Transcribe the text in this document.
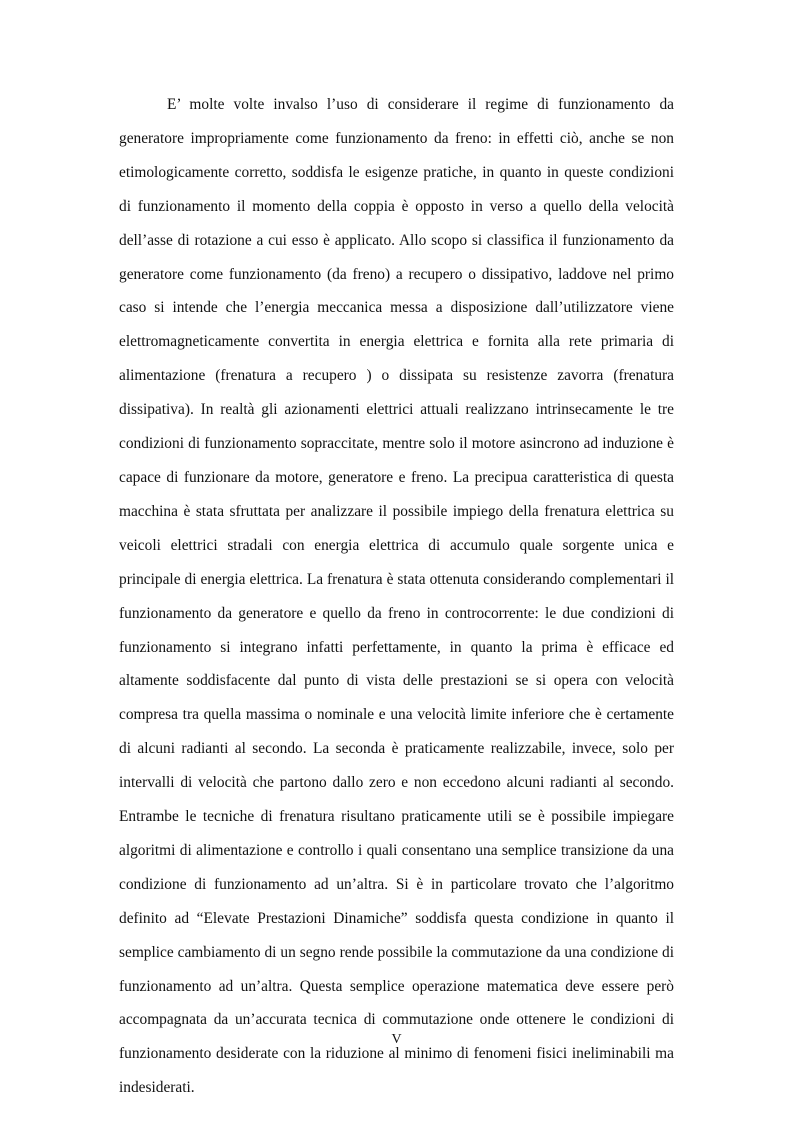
E’ molte volte invalso l’uso di considerare il regime di funzionamento da generatore impropriamente come funzionamento da freno: in effetti ciò, anche se non etimologicamente corretto, soddisfa le esigenze pratiche, in quanto in queste condizioni di funzionamento il momento della coppia è opposto in verso a quello della velocità dell’asse di rotazione a cui esso è applicato. Allo scopo si classifica il funzionamento da generatore come funzionamento (da freno) a recupero o dissipativo, laddove nel primo caso si intende che l’energia meccanica messa a disposizione dall’utilizzatore viene elettromagneticamente convertita in energia elettrica e fornita alla rete primaria di alimentazione (frenatura a recupero ) o dissipata su resistenze zavorra (frenatura dissipativa). In realtà gli azionamenti elettrici attuali realizzano intrinsecamente le tre condizioni di funzionamento sopraccitate, mentre solo il motore asincrono ad induzione è capace di funzionare da motore, generatore e freno. La precipua caratteristica di questa macchina è stata sfruttata per analizzare il possibile impiego della frenatura elettrica su veicoli elettrici stradali con energia elettrica di accumulo quale sorgente unica e principale di energia elettrica. La frenatura è stata ottenuta considerando complementari il funzionamento da generatore e quello da freno in controcorrente: le due condizioni di funzionamento si integrano infatti perfettamente, in quanto la prima è efficace ed altamente soddisfacente dal punto di vista delle prestazioni se si opera con velocità compresa tra quella massima o nominale e una velocità limite inferiore che è certamente di alcuni radianti al secondo. La seconda è praticamente realizzabile, invece, solo per intervalli di velocità che partono dallo zero e non eccedono alcuni radianti al secondo. Entrambe le tecniche di frenatura risultano praticamente utili se è possibile impiegare algoritmi di alimentazione e controllo i quali consentano una semplice transizione da una condizione di funzionamento ad un’altra. Si è in particolare trovato che l’algoritmo definito ad “Elevate Prestazioni Dinamiche” soddisfa questa condizione in quanto il semplice cambiamento di un segno rende possibile la commutazione da una condizione di funzionamento ad un’altra. Questa semplice operazione matematica deve essere però accompagnata da un’accurata tecnica di commutazione onde ottenere le condizioni di funzionamento desiderate con la riduzione al minimo di fenomeni fisici ineliminabili ma indesiderati.

V
